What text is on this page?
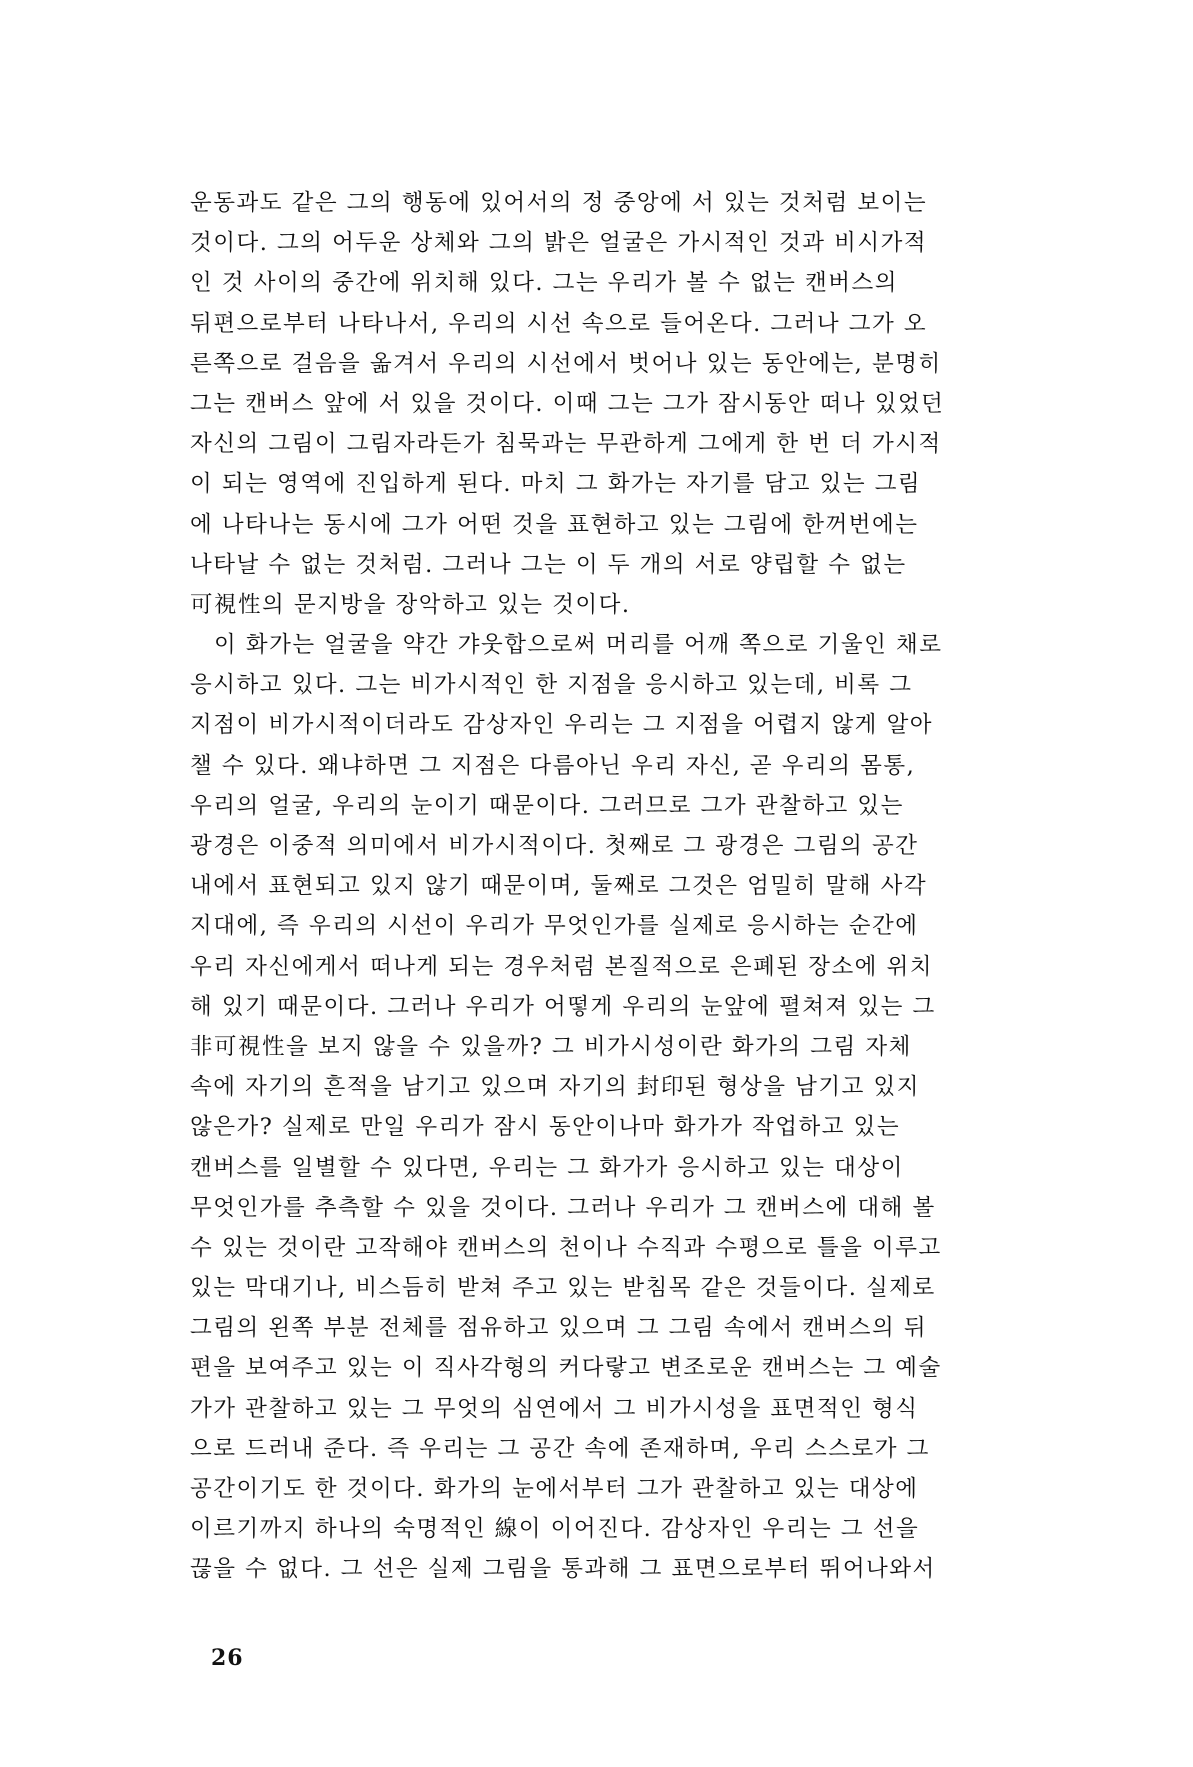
운동과도 같은 그의 행동에 있어서의 정 중앙에 서 있는 것처럼 보이는
것이다. 그의 어두운 상체와 그의 밝은 얼굴은 가시적인 것과 비시가적
인 것 사이의 중간에 위치해 있다. 그는 우리가 볼 수 없는 캔버스의
뒤편으로부터 나타나서, 우리의 시선 속으로 들어온다. 그러나 그가 오
른쪽으로 걸음을 옮겨서 우리의 시선에서 벗어나 있는 동안에는, 분명히
그는 캔버스 앞에 서 있을 것이다. 이때 그는 그가 잠시동안 떠나 있었던
자신의 그림이 그림자라든가 침묵과는 무관하게 그에게 한 번 더 가시적
이 되는 영역에 진입하게 된다. 마치 그 화가는 자기를 담고 있는 그림
에 나타나는 동시에 그가 어떤 것을 표현하고 있는 그림에 한꺼번에는
나타날 수 없는 것처럼. 그러나 그는 이 두 개의 서로 양립할 수 없는
可視性의 문지방을 장악하고 있는 것이다.
　이 화가는 얼굴을 약간 갸웃합으로써 머리를 어깨 쪽으로 기울인 채로
응시하고 있다. 그는 비가시적인 한 지점을 응시하고 있는데, 비록 그
지점이 비가시적이더라도 감상자인 우리는 그 지점을 어렵지 않게 알아
챌 수 있다. 왜냐하면 그 지점은 다름아닌 우리 자신, 곧 우리의 몸통,
우리의 얼굴, 우리의 눈이기 때문이다. 그러므로 그가 관찰하고 있는
광경은 이중적 의미에서 비가시적이다. 첫째로 그 광경은 그림의 공간
내에서 표현되고 있지 않기 때문이며, 둘째로 그것은 엄밀히 말해 사각
지대에, 즉 우리의 시선이 우리가 무엇인가를 실제로 응시하는 순간에
우리 자신에게서 떠나게 되는 경우처럼 본질적으로 은폐된 장소에 위치
해 있기 때문이다. 그러나 우리가 어떻게 우리의 눈앞에 펼쳐져 있는 그
非可視性을 보지 않을 수 있을까? 그 비가시성이란 화가의 그림 자체
속에 자기의 흔적을 남기고 있으며 자기의 封印된 형상을 남기고 있지
않은가? 실제로 만일 우리가 잠시 동안이나마 화가가 작업하고 있는
캔버스를 일별할 수 있다면, 우리는 그 화가가 응시하고 있는 대상이
무엇인가를 추측할 수 있을 것이다. 그러나 우리가 그 캔버스에 대해 볼
수 있는 것이란 고작해야 캔버스의 천이나 수직과 수평으로 틀을 이루고
있는 막대기나, 비스듬히 받쳐 주고 있는 받침목 같은 것들이다. 실제로
그림의 왼쪽 부분 전체를 점유하고 있으며 그 그림 속에서 캔버스의 뒤
편을 보여주고 있는 이 직사각형의 커다랗고 변조로운 캔버스는 그 예술
가가 관찰하고 있는 그 무엇의 심연에서 그 비가시성을 표면적인 형식
으로 드러내 준다. 즉 우리는 그 공간 속에 존재하며, 우리 스스로가 그
공간이기도 한 것이다. 화가의 눈에서부터 그가 관찰하고 있는 대상에
이르기까지 하나의 숙명적인 線이 이어진다. 감상자인 우리는 그 선을
끊을 수 없다. 그 선은 실제 그림을 통과해 그 표면으로부터 뛰어나와서
26
